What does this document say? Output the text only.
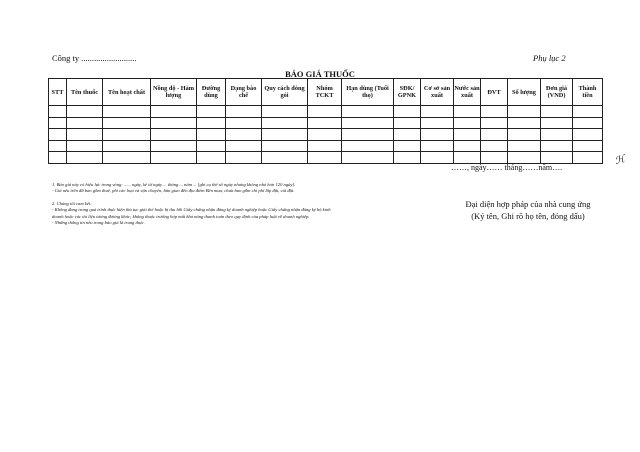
Công ty ..........................	Phụ lục 2
BÁO GIÁ THUỐC
STT	Tên thuốc	Tên hoạt chất	Nồng độ - Hàm lượng	Đường dùng	Dạng bào chế	Quy cách đóng gói	Nhóm TCKT	Hạn dùng (Tuổi thọ)	SĐK/ GPNK	Cơ sở sản xuất	Nước sản xuất	ĐVT	Số lượng	Đơn giá (VND)	Thành tiền

……, ngày…… tháng……năm….
ℋ

1. Báo giá này có hiệu lực trong vòng: ...... ngày, kể từ ngày ... tháng ... năm ... [ghi cụ thể số ngày nhưng không nhỏ hơn 120 ngày].

- Giá nêu trên đã bao gồm thuế, phí các loại và vận chuyển, bàn giao đến địa điểm Bên mua, chưa bao gồm chi phí lắp đặt, cài đặt.

2. Chúng tôi cam kết:

- Không đang trong quá trình thực hiện thủ tục giải thể hoặc bị thu hồi Giấy chứng nhận đăng ký doanh nghiệp hoặc Giấy chứng nhận đăng ký hộ kinh doanh hoặc các tài liệu tương đương khác; không thuộc trường hợp mất khả năng thanh toán theo quy định của pháp luật về doanh nghiệp.

- Những thông tin nêu trong báo giá là trung thực.

Đại diện hợp pháp của nhà cung ứng
(Ký tên, Ghi rõ họ tên, đóng dấu)
